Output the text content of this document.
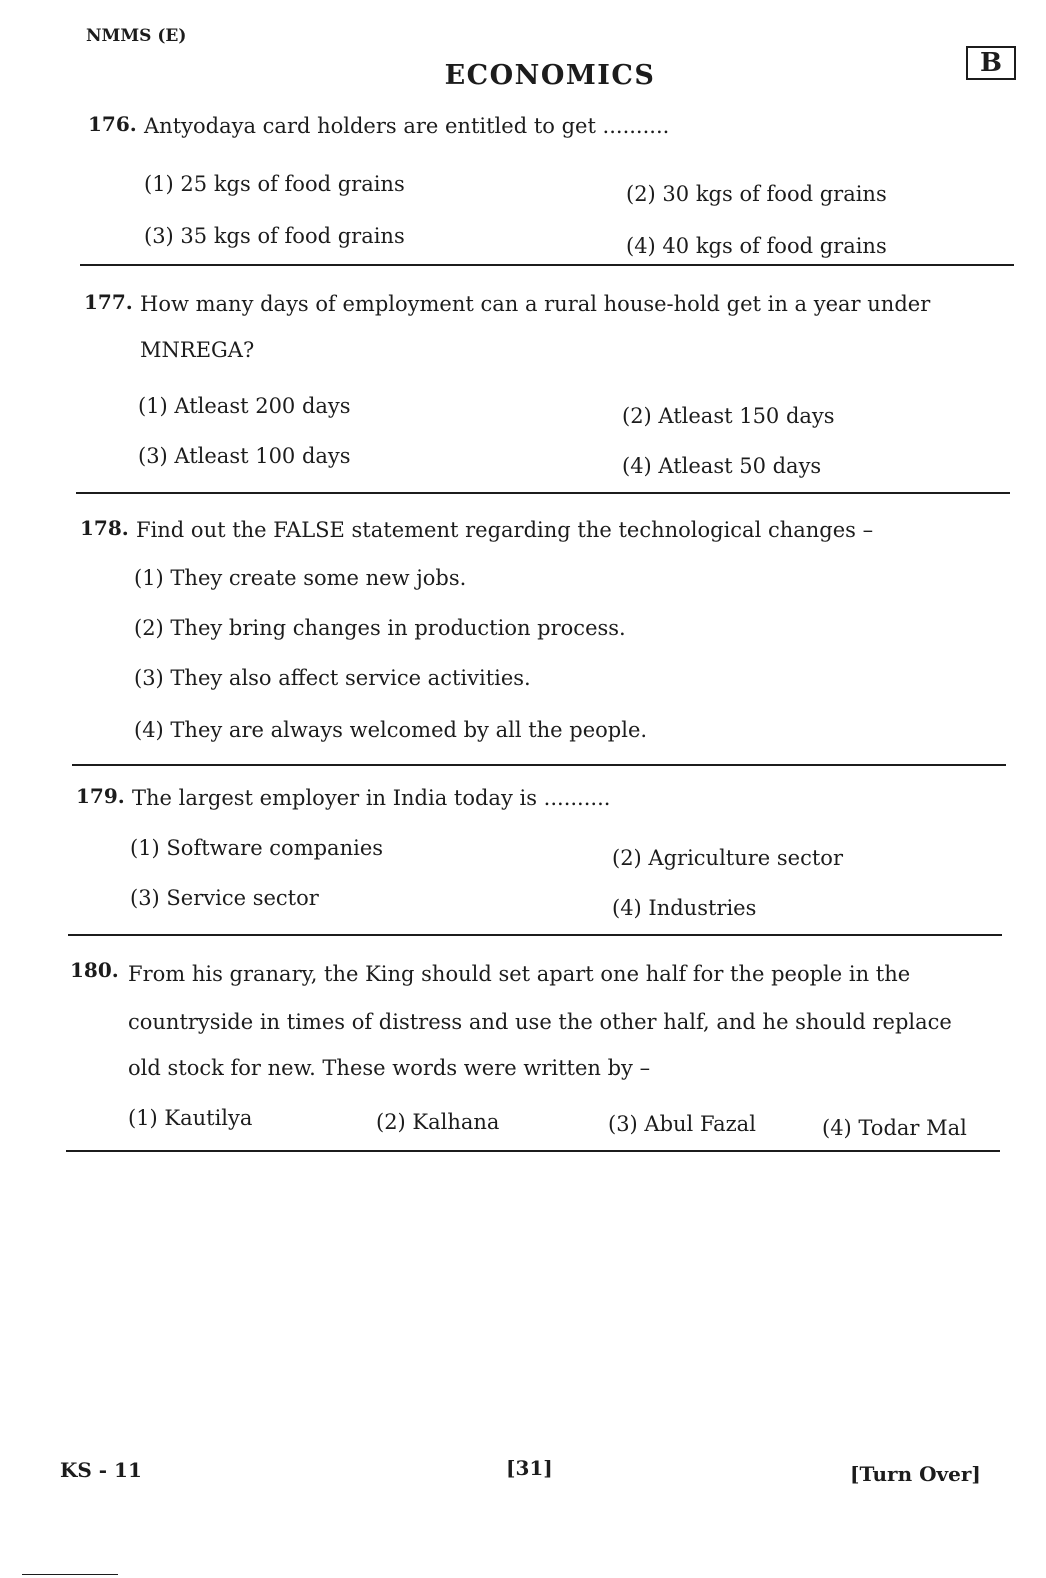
NMMS (E)
ECONOMICS	B
176. Antyodaya card holders are entitled to get ..........
(1) 25 kgs of food grains	(2) 30 kgs of food grains
(3) 35 kgs of food grains	(4) 40 kgs of food grains
177. How many days of employment can a rural house-hold get in a year under
MNREGA?
(1) Atleast 200 days	(2) Atleast 150 days
(3) Atleast 100 days	(4) Atleast 50 days
178. Find out the FALSE statement regarding the technological changes –
(1) They create some new jobs.
(2) They bring changes in production process.
(3) They also affect service activities.
(4) They are always welcomed by all the people.
179. The largest employer in India today is ..........
(1) Software companies	(2) Agriculture sector
(3) Service sector	(4) Industries
180. From his granary, the King should set apart one half for the people in the
countryside in times of distress and use the other half, and he should replace
old stock for new. These words were written by –
(1) Kautilya	(2) Kalhana	(3) Abul Fazal	(4) Todar Mal
KS - 11	[31]	[Turn Over]
